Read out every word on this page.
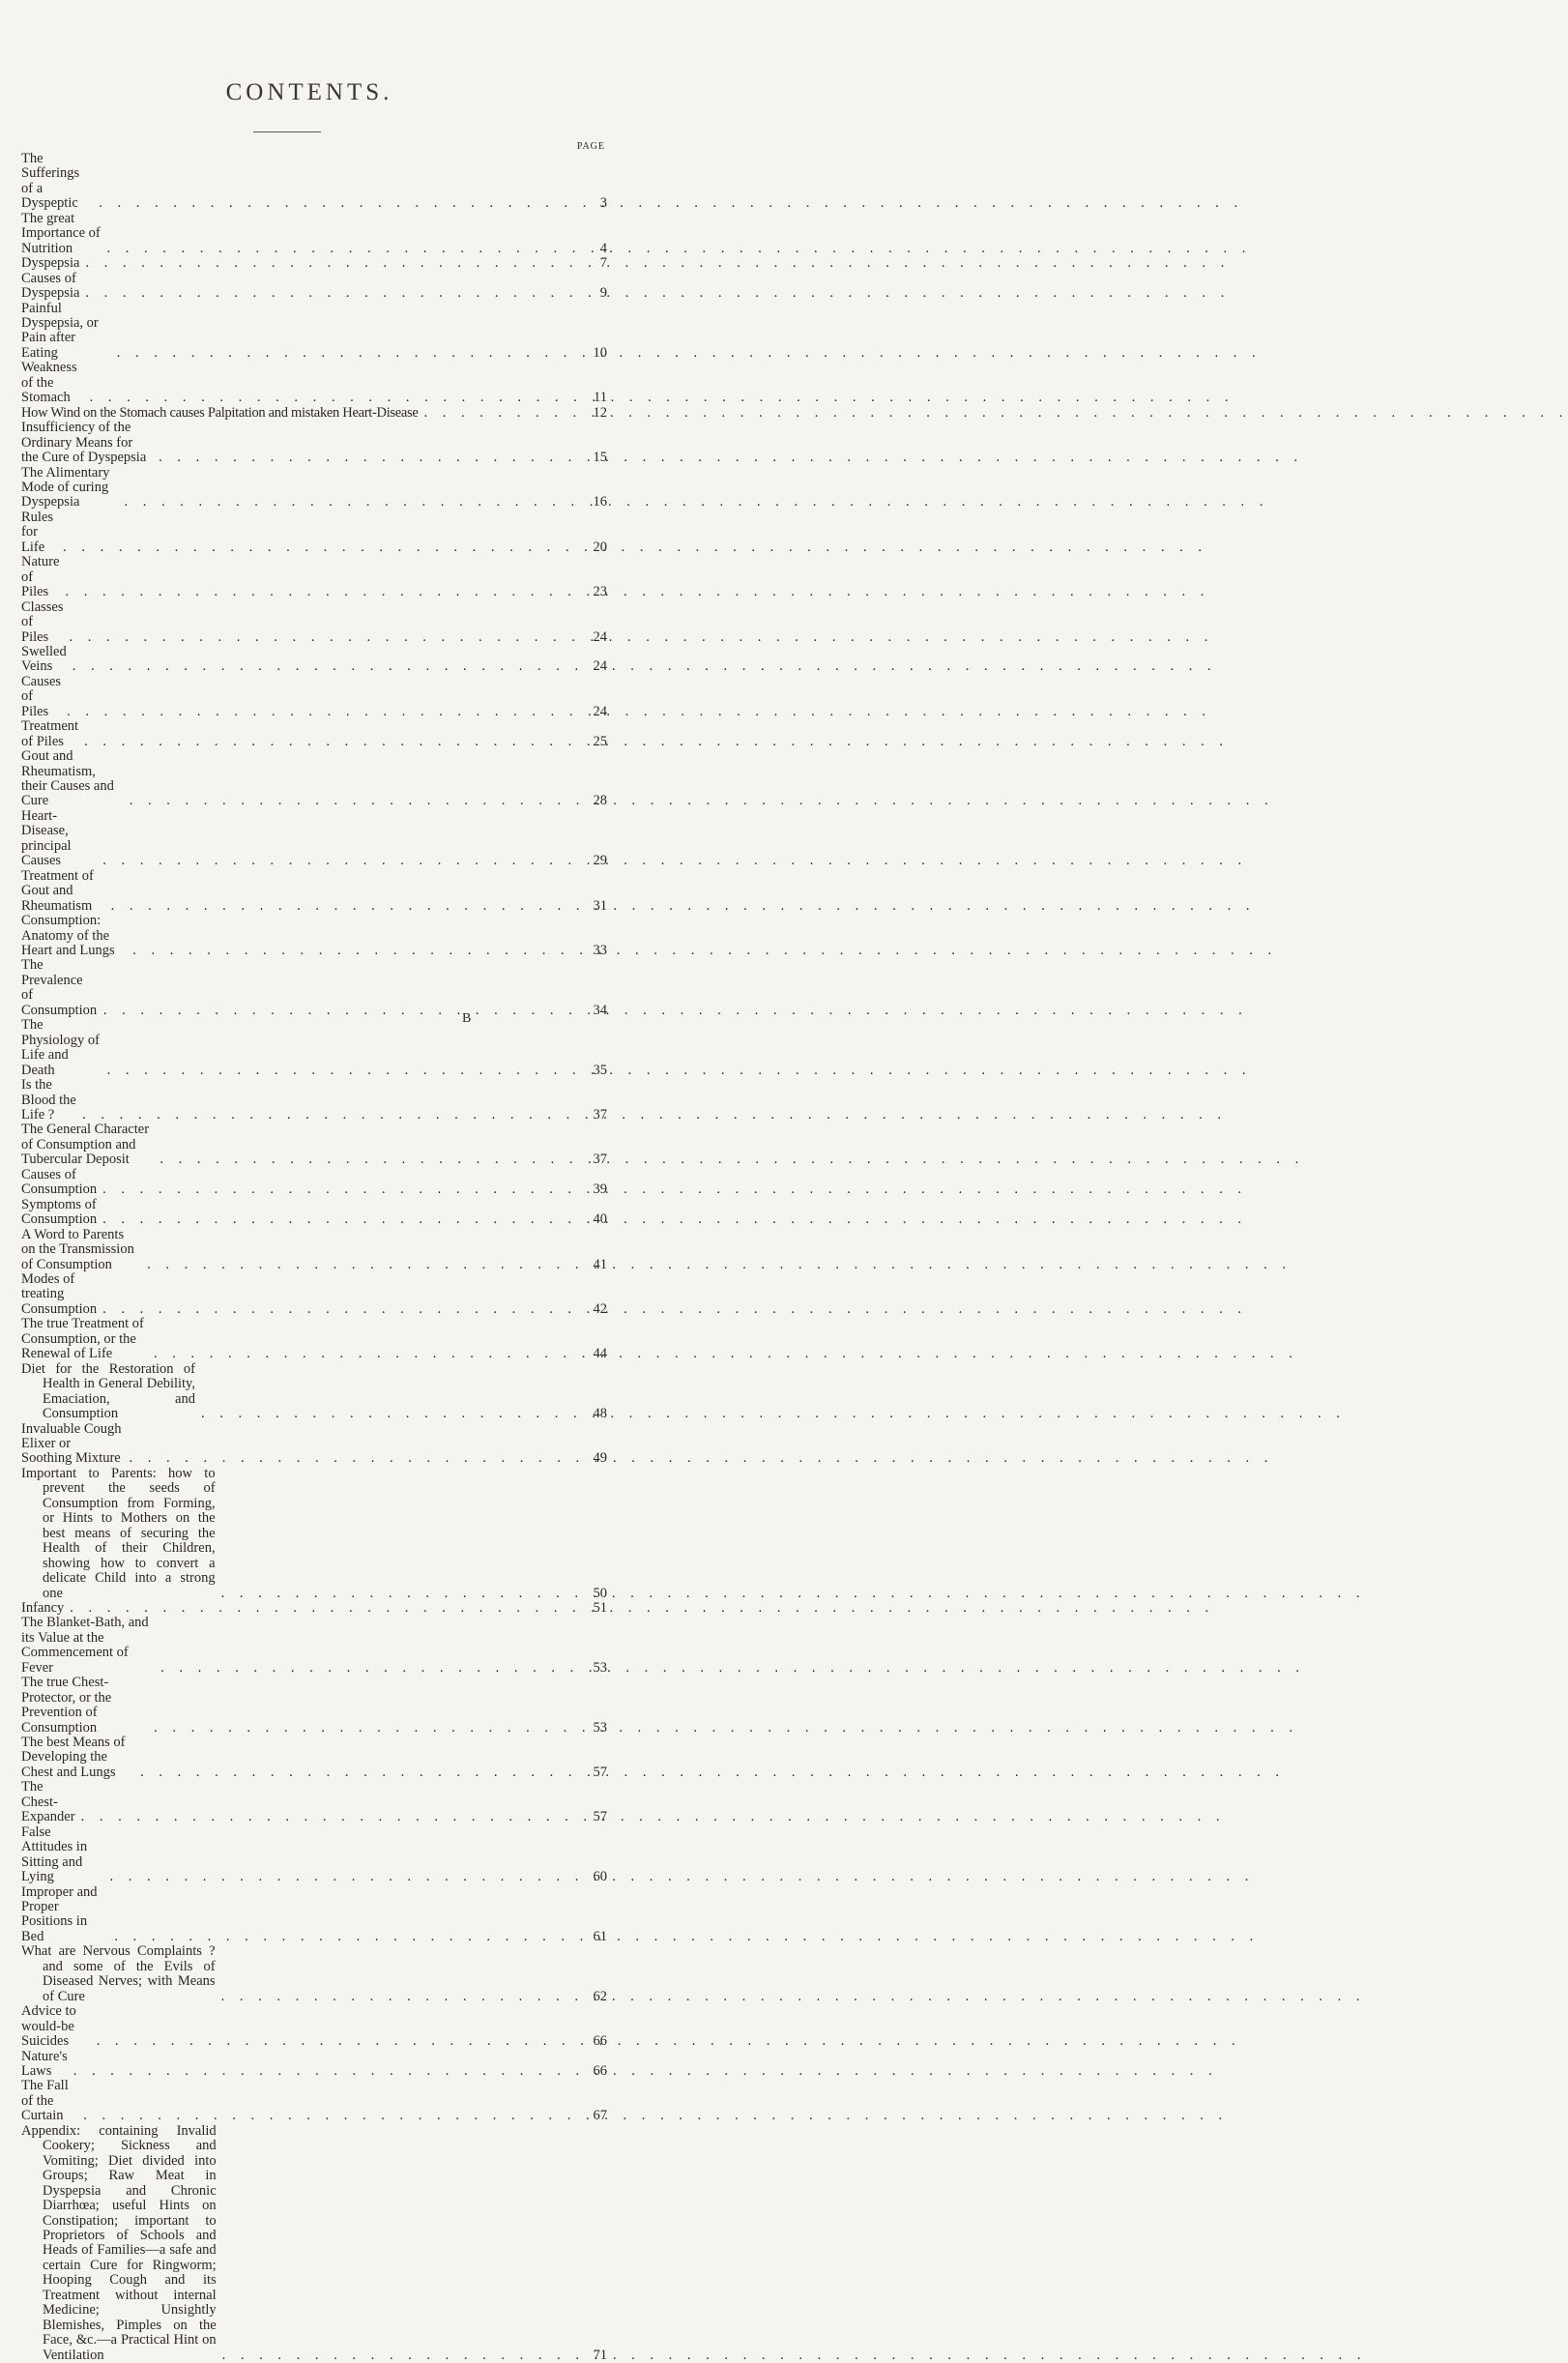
CONTENTS.
PAGE
The Sufferings of a Dyspeptic . . .	3
The great Importance of Nutrition . . .	4
Dyspepsia . . .	7
Causes of Dyspepsia . . .	9
Painful Dyspepsia, or Pain after Eating . . .	10
Weakness of the Stomach . . .	11
How Wind on the Stomach causes Palpitation and mistaken Heart-Disease . . .	12
Insufficiency of the Ordinary Means for the Cure of Dyspepsia . . .	15
The Alimentary Mode of curing Dyspepsia . . .	16
Rules for Life . . .	20
Nature of Piles . . .	23
Classes of Piles . . .	24
Swelled Veins . . .	24
Causes of Piles . . .	24
Treatment of Piles . . .	25
Gout and Rheumatism, their Causes and Cure . . .	28
Heart-Disease, principal Causes . . .	29
Treatment of Gout and Rheumatism . . .	31
Consumption: Anatomy of the Heart and Lungs . . .	33
The Prevalence of Consumption . . .	34
The Physiology of Life and Death . . .	35
Is the Blood the Life ? . . .	37
The General Character of Consumption and Tubercular Deposit . . .	37
Causes of Consumption . . .	39
Symptoms of Consumption . . .	40
A Word to Parents on the Transmission of Consumption . . .	41
Modes of treating Consumption . . .	42
The true Treatment of Consumption, or the Renewal of Life . . .	44
Diet for the Restoration of Health in General Debility, Emaciation, and Consumption . . .	48
Invaluable Cough Elixer or Soothing Mixture . . .	49
Important to Parents: how to prevent the seeds of Consumption from Forming, or Hints to Mothers on the best means of securing the Health of their Children, showing how to convert a delicate Child into a strong one . . .	50
Infancy . . .	51
The Blanket-Bath, and its Value at the Commencement of Fever . . .	53
The true Chest-Protector, or the Prevention of Consumption . . .	53
The best Means of Developing the Chest and Lungs . . .	57
The Chest-Expander . . .	57
False Attitudes in Sitting and Lying . . .	60
Improper and Proper Positions in Bed . . .	61
What are Nervous Complaints ? and some of the Evils of Diseased Nerves; with Means of Cure . . .	62
Advice to would-be Suicides . . .	66
Nature's Laws . . .	66
The Fall of the Curtain . . .	67
Appendix: containing Invalid Cookery; Sickness and Vomiting; Diet divided into Groups; Raw Meat in Dyspepsia and Chronic Diarrhœa; useful Hints on Constipation; important to Proprietors of Schools and Heads of Families—a safe and certain Cure for Ringworm; Hooping Cough and its Treatment without internal Medicine; Unsightly Blemishes, Pimples on the Face, &c.—a Practical Hint on Ventilation . . .	71
B
